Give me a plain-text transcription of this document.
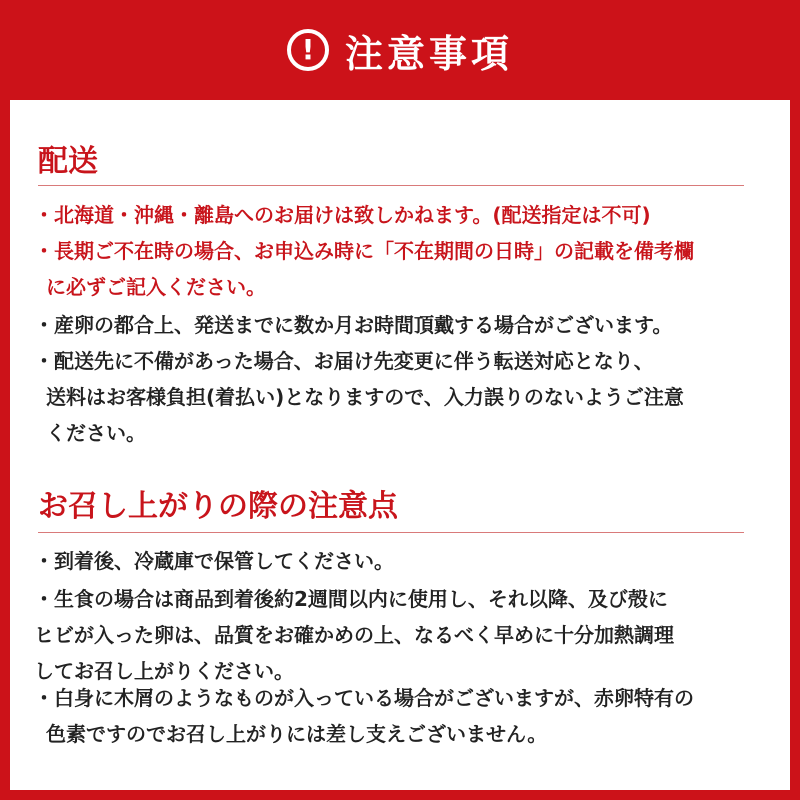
! 注意事項
配送
・北海道・沖縄・離島へのお届けは致しかねます。(配送指定は不可)
・長期ご不在時の場合、お申込み時に「不在期間の日時」の記載を備考欄
に必ずご記入ください。
・産卵の都合上、発送までに数か月お時間頂戴する場合がございます。
・配送先に不備があった場合、お届け先変更に伴う転送対応となり、
送料はお客様負担(着払い)となりますので、入力誤りのないようご注意
ください。
お召し上がりの際の注意点
・到着後、冷蔵庫で保管してください。
・生食の場合は商品到着後約2週間以内に使用し、それ以降、及び殻に
ヒビが入った卵は、品質をお確かめの上、なるべく早めに十分加熱調理
してお召し上がりください。
・白身に木屑のようなものが入っている場合がございますが、赤卵特有の
色素ですのでお召し上がりには差し支えございません。
